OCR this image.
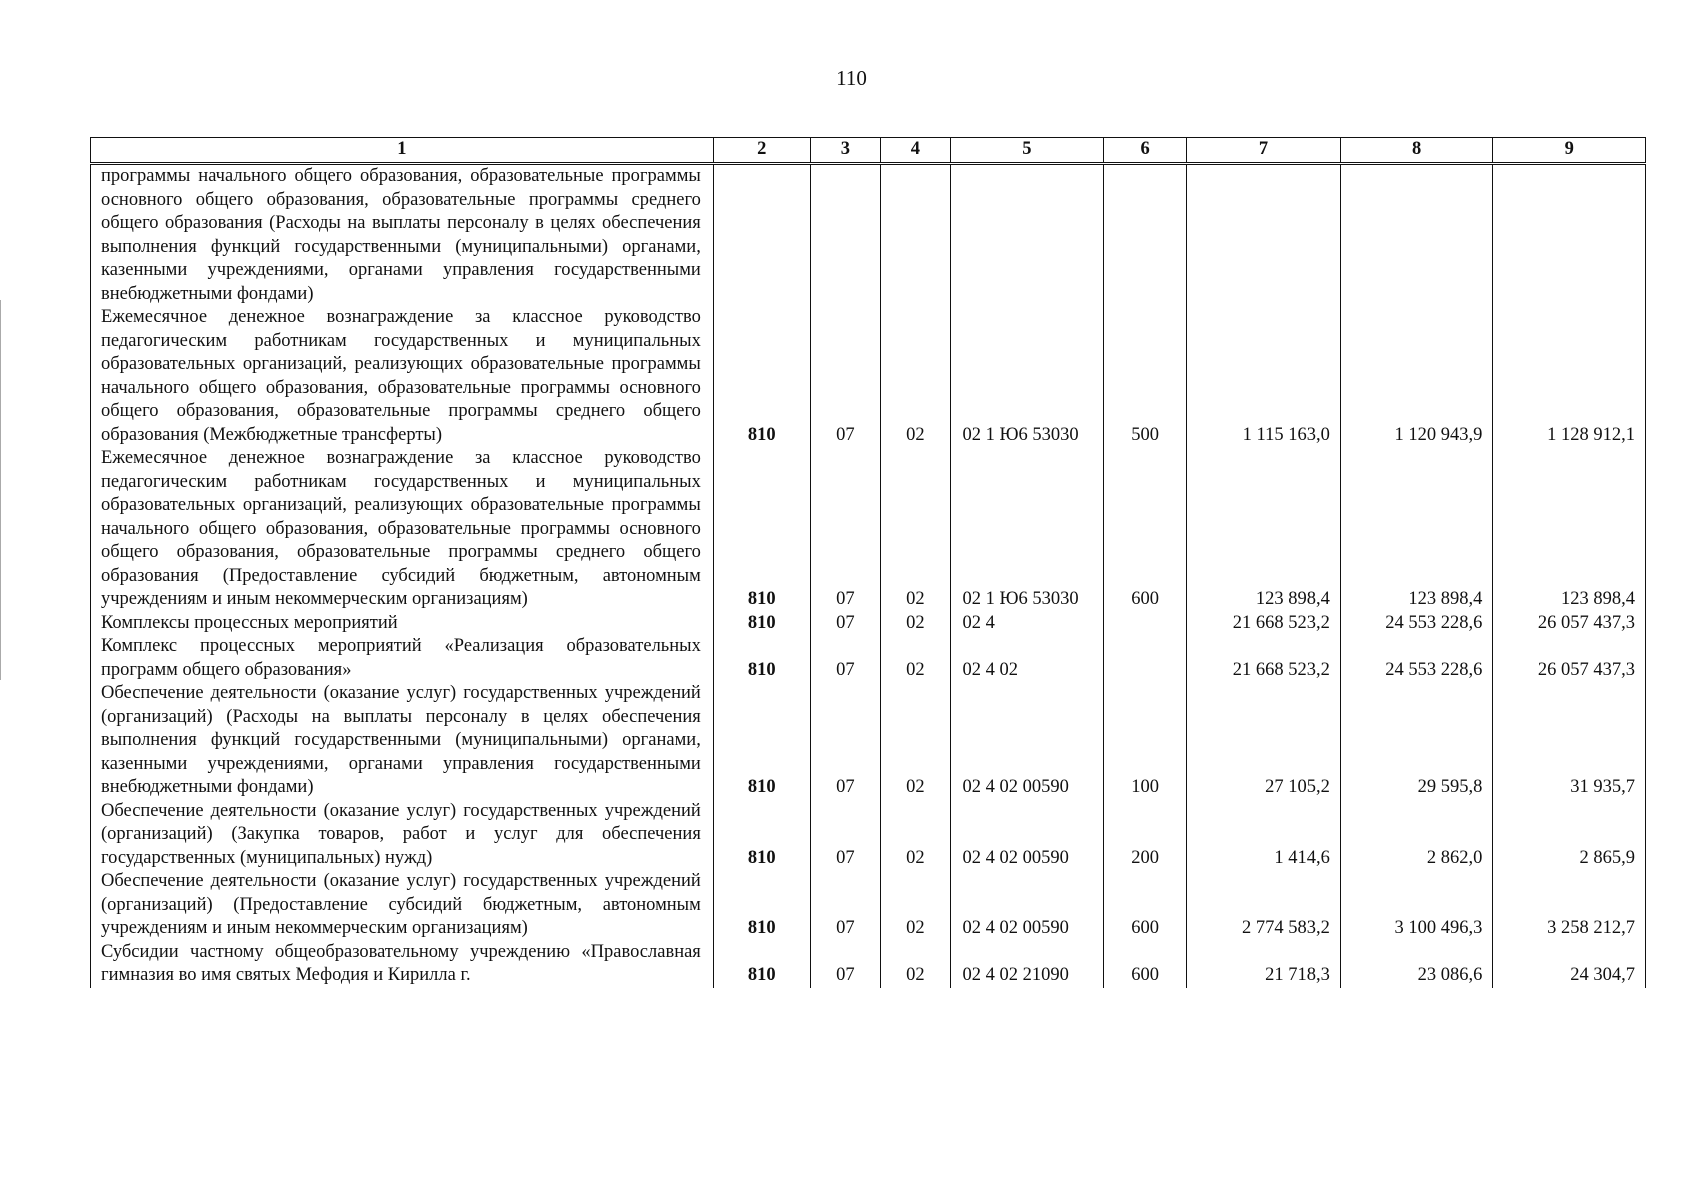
110
1	2	3	4	5	6	7	8	9
программы начального общего образования, образовательные программы основного общего образования, образовательные программы среднего общего образования (Расходы на выплаты персоналу в целях обеспечения выполнения функций государственными (муниципальными) органами, казенными учреждениями, органами управления государственными внебюджетными фондами)								
Ежемесячное денежное вознаграждение за классное руководство педагогическим работникам государственных и муниципальных образовательных организаций, реализующих образовательные программы начального общего образования, образовательные программы основного общего образования, образовательные программы среднего общего образования (Межбюджетные трансферты)	810	07	02	02 1 Ю6 53030	500	1 115 163,0	1 120 943,9	1 128 912,1
Ежемесячное денежное вознаграждение за классное руководство педагогическим работникам государственных и муниципальных образовательных организаций, реализующих образовательные программы начального общего образования, образовательные программы основного общего образования, образовательные программы среднего общего образования (Предоставление субсидий бюджетным, автономным учреждениям и иным некоммерческим организациям)	810	07	02	02 1 Ю6 53030	600	123 898,4	123 898,4	123 898,4
Комплексы процессных мероприятий	810	07	02	02 4		21 668 523,2	24 553 228,6	26 057 437,3
Комплекс процессных мероприятий «Реализация образовательных программ общего образования»	810	07	02	02 4 02		21 668 523,2	24 553 228,6	26 057 437,3
Обеспечение деятельности (оказание услуг) государственных учреждений (организаций) (Расходы на выплаты персоналу в целях обеспечения выполнения функций государственными (муниципальными) органами, казенными учреждениями, органами управления государственными внебюджетными фондами)	810	07	02	02 4 02 00590	100	27 105,2	29 595,8	31 935,7
Обеспечение деятельности (оказание услуг) государственных учреждений (организаций) (Закупка товаров, работ и услуг для обеспечения государственных (муниципальных) нужд)	810	07	02	02 4 02 00590	200	1 414,6	2 862,0	2 865,9
Обеспечение деятельности (оказание услуг) государственных учреждений (организаций) (Предоставление субсидий бюджетным, автономным учреждениям и иным некоммерческим организациям)	810	07	02	02 4 02 00590	600	2 774 583,2	3 100 496,3	3 258 212,7
Субсидии частному общеобразовательному учреждению «Православная гимназия во имя святых Мефодия и Кирилла г.	810	07	02	02 4 02 21090	600	21 718,3	23 086,6	24 304,7
